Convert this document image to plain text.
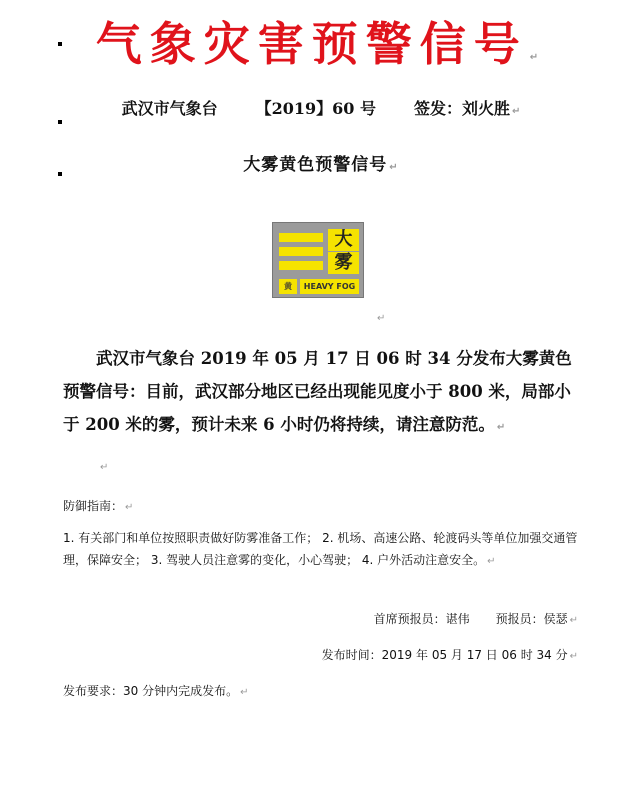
气象灾害预警信号 ↵
武汉市气象台 【2019】60 号 签发：刘火胜 ↵
大雾黄色预警信号 ↵
大
雾
黄	HEAVY FOG
↵
武汉市气象台 2019 年 05 月 17 日 06 时 34 分发布大雾黄色预警信号：目前，武汉部分地区已经出现能见度小于 800 米，局部小于 200 米的雾，预计未来 6 小时仍将持续，请注意防范。 ↵
↵
防御指南： ↵
1. 有关部门和单位按照职责做好防雾准备工作； 2. 机场、高速公路、轮渡码头等单位加强交通管理，保障安全； 3. 驾驶人员注意雾的变化，小心驾驶； 4. 户外活动注意安全。 ↵
首席预报员：谌伟 预报员：侯瑟 ↵
发布时间：2019 年 05 月 17 日 06 时 34 分 ↵
发布要求：30 分钟内完成发布。 ↵
